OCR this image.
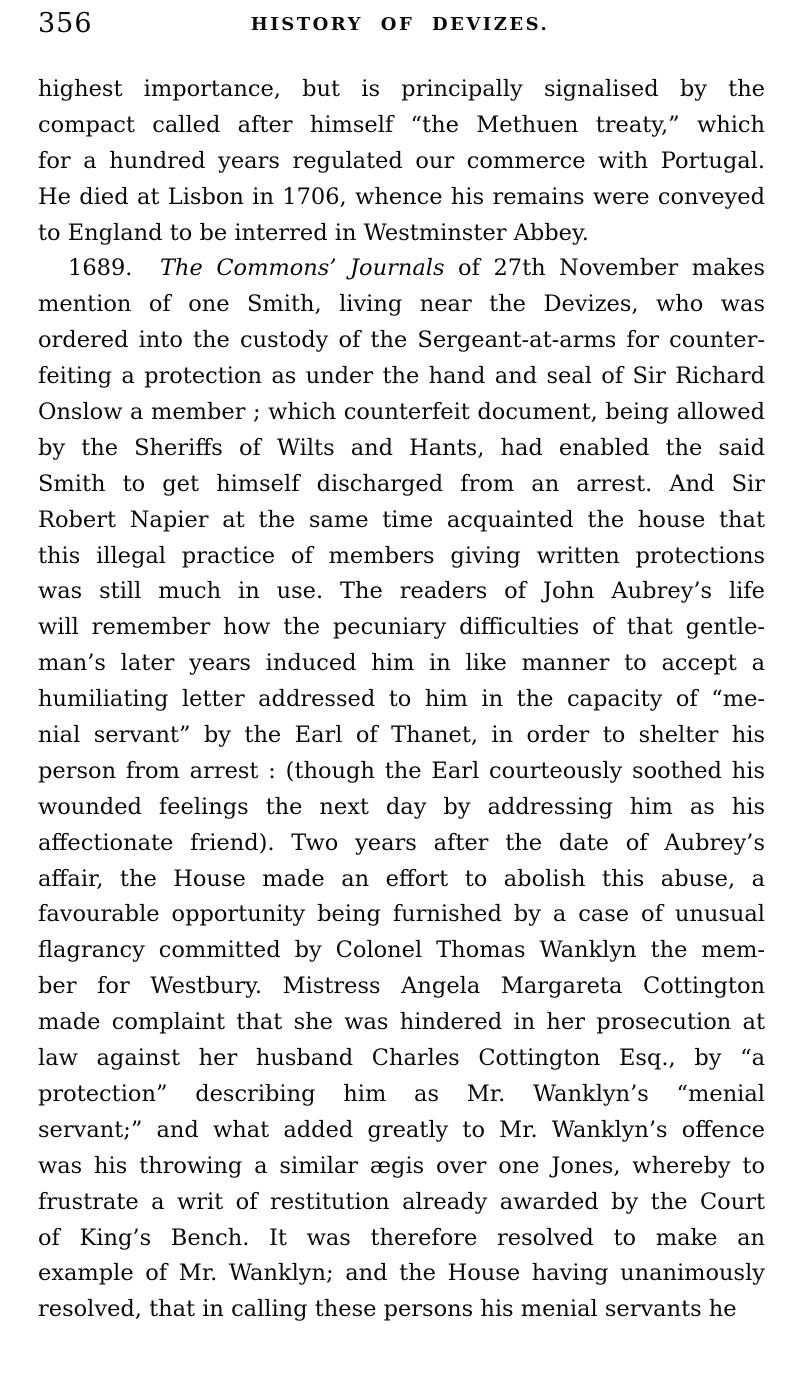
356	HISTORY OF DEVIZES.
highest importance, but is principally signalised by the
compact called after himself “the Methuen treaty,” which
for a hundred years regulated our commerce with Portugal.
He died at Lisbon in 1706, whence his remains were conveyed
to England to be interred in Westminster Abbey.
1689. The Commons’ Journals of 27th November makes
mention of one Smith, living near the Devizes, who was
ordered into the custody of the Sergeant-at-arms for counter-
feiting a protection as under the hand and seal of Sir Richard
Onslow a member ; which counterfeit document, being allowed
by the Sheriffs of Wilts and Hants, had enabled the said
Smith to get himself discharged from an arrest. And Sir
Robert Napier at the same time acquainted the house that
this illegal practice of members giving written protections
was still much in use. The readers of John Aubrey’s life
will remember how the pecuniary difficulties of that gentle-
man’s later years induced him in like manner to accept a
humiliating letter addressed to him in the capacity of “me-
nial servant” by the Earl of Thanet, in order to shelter his
person from arrest : (though the Earl courteously soothed his
wounded feelings the next day by addressing him as his
affectionate friend). Two years after the date of Aubrey’s
affair, the House made an effort to abolish this abuse, a
favourable opportunity being furnished by a case of unusual
flagrancy committed by Colonel Thomas Wanklyn the mem-
ber for Westbury. Mistress Angela Margareta Cottington
made complaint that she was hindered in her prosecution at
law against her husband Charles Cottington Esq., by “a
protection” describing him as Mr. Wanklyn’s “menial
servant;” and what added greatly to Mr. Wanklyn’s offence
was his throwing a similar ægis over one Jones, whereby to
frustrate a writ of restitution already awarded by the Court
of King’s Bench. It was therefore resolved to make an
example of Mr. Wanklyn; and the House having unanimously
resolved, that in calling these persons his menial servants he
